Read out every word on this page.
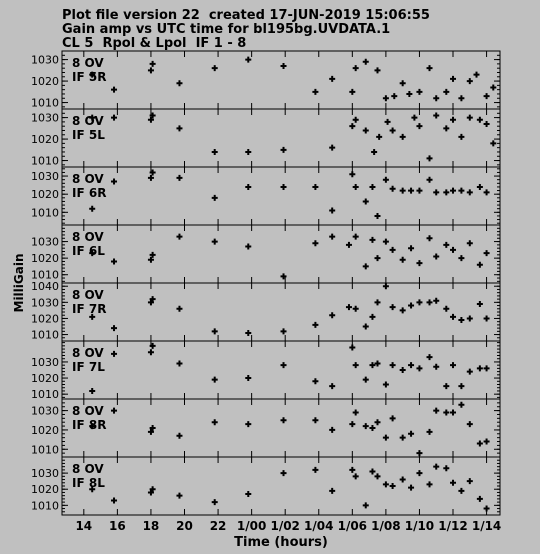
Plot file version 22  created 17-JUN-2019 15:06:55
Gain amp vs UTC time for bl195bg.UVDATA.1
CL 5  Rpol & Lpol  IF 1 - 8
1010
1020
1030 8 OV
IF 5R
1010
1020
1030 8 OV
IF 5L
1010
1020
1030 8 OV
IF 6R
1010
1020
1030 8 OV
IF 6L
1010
1020
1030
1040
8 OV
IF 7R
1010
1020
1030
8 OV
IF 7L
1010
1020
1030 8 OV
IF 8R
1010
1020
1030 8 OV
IF 8L
14 16 18 20 22 1/00 1/02 1/04 1/06 1/08 1/10 1/12 1/14
Time (hours)
MilliGain
